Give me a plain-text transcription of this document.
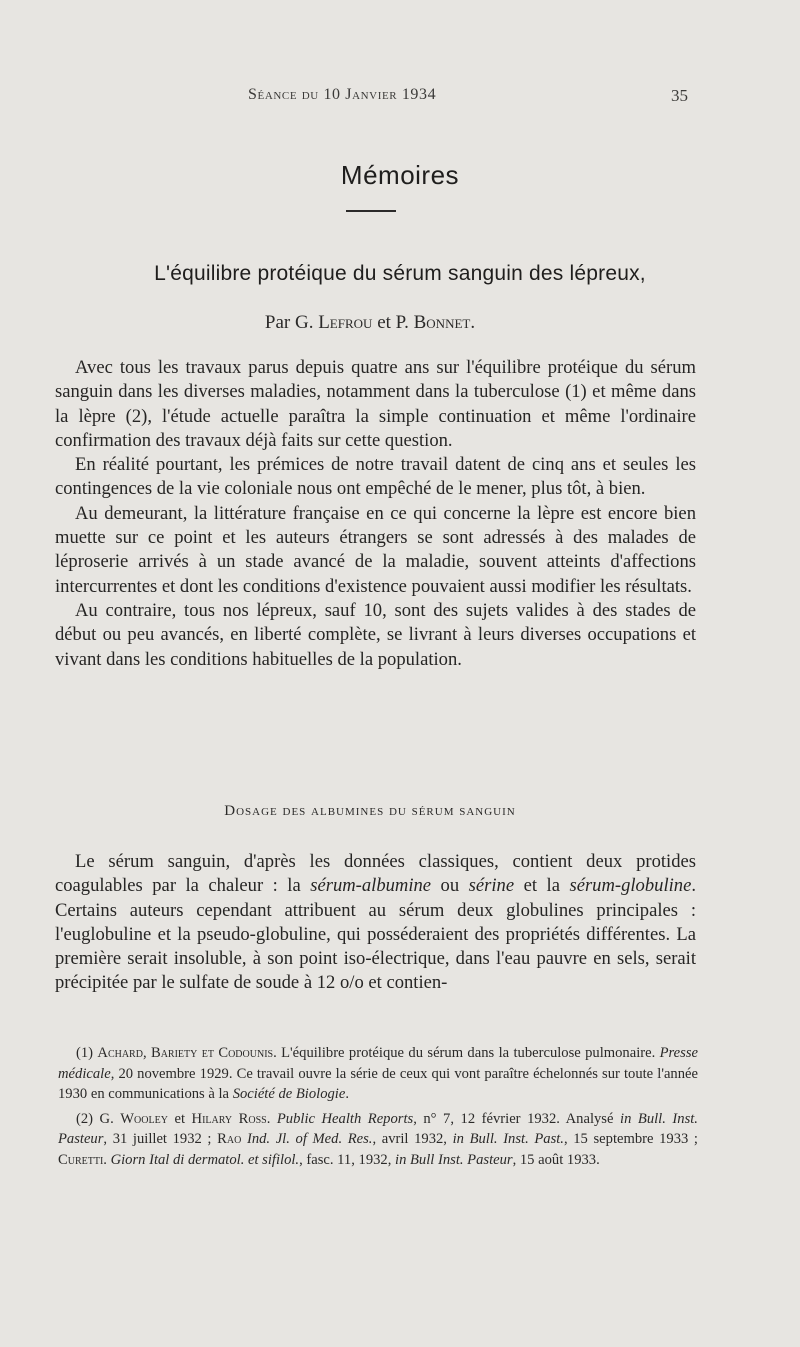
Séance du 10 Janvier 1934	35
Mémoires
L'équilibre protéique du sérum sanguin des lépreux,
Par G. Lefrou et P. Bonnet.

Avec tous les travaux parus depuis quatre ans sur l'équilibre protéique du sérum sanguin dans les diverses maladies, notamment dans la tuberculose (1) et même dans la lèpre (2), l'étude actuelle paraîtra la simple continuation et même l'ordinaire confirmation des travaux déjà faits sur cette question.

En réalité pourtant, les prémices de notre travail datent de cinq ans et seules les contingences de la vie coloniale nous ont empêché de le mener, plus tôt, à bien.

Au demeurant, la littérature française en ce qui concerne la lèpre est encore bien muette sur ce point et les auteurs étrangers se sont adressés à des malades de léproserie arrivés à un stade avancé de la maladie, souvent atteints d'affections intercurrentes et dont les conditions d'existence pouvaient aussi modifier les résultats.

Au contraire, tous nos lépreux, sauf 10, sont des sujets valides à des stades de début ou peu avancés, en liberté complète, se livrant à leurs diverses occupations et vivant dans les conditions habituelles de la population.

Dosage des albumines du sérum sanguin

Le sérum sanguin, d'après les données classiques, contient deux protides coagulables par la chaleur : la sérum-albumine ou sérine et la sérum-globuline. Certains auteurs cependant attribuent au sérum deux globulines principales : l'euglobuline et la pseudo-globuline, qui posséderaient des propriétés différentes. La première serait insoluble, à son point iso-électrique, dans l'eau pauvre en sels, serait précipitée par le sulfate de soude à 12 o/o et contien-

(1) Achard, Bariety et Codounis. L'équilibre protéique du sérum dans la tuberculose pulmonaire. Presse médicale, 20 novembre 1929. Ce travail ouvre la série de ceux qui vont paraître échelonnés sur toute l'année 1930 en communications à la Société de Biologie.

(2) G. Wooley et Hilary Ross. Public Health Reports, n° 7, 12 février 1932. Analysé in Bull. Inst. Pasteur, 31 juillet 1932 ; Rao Ind. Jl. of Med. Res., avril 1932, in Bull. Inst. Past., 15 septembre 1933 ; Curetti. Giorn Ital di dermatol. et sifilol., fasc. 11, 1932, in Bull Inst. Pasteur, 15 août 1933.
